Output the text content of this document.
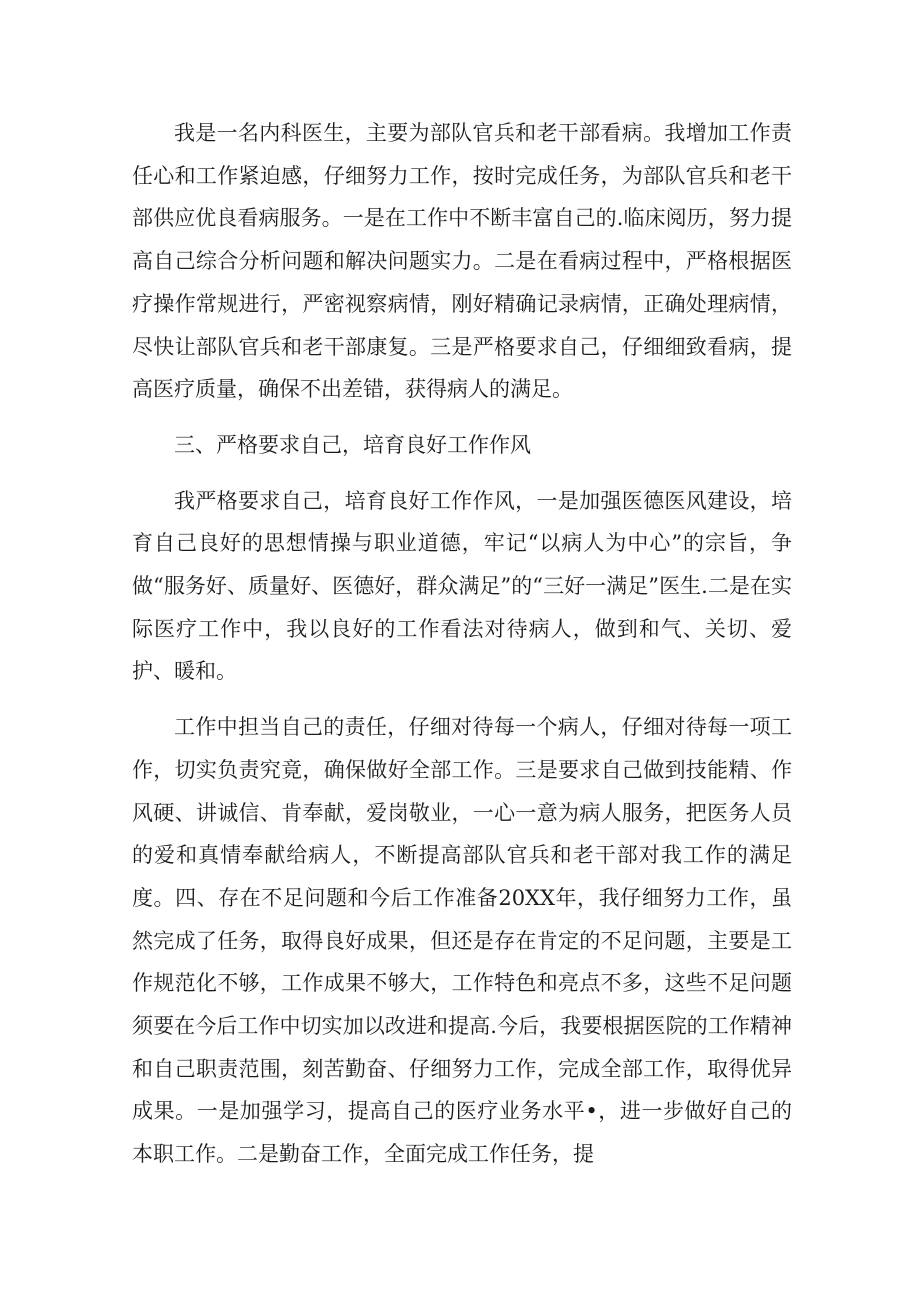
我是一名内科医生，主要为部队官兵和老干部看病。我增加工作责任心和工作紧迫感，仔细努力工作，按时完成任务，为部队官兵和老干部供应优良看病服务。一是在工作中不断丰富自己的.临床阅历，努力提高自己综合分析问题和解决问题实力。二是在看病过程中，严格根据医疗操作常规进行，严密视察病情，刚好精确记录病情，正确处理病情，尽快让部队官兵和老干部康复。三是严格要求自己，仔细细致看病，提高医疗质量，确保不出差错，获得病人的满足。

三、严格要求自己，培育良好工作作风

我严格要求自己，培育良好工作作风，一是加强医德医风建设，培育自己良好的思想情操与职业道德，牢记“以病人为中心”的宗旨，争做“服务好、质量好、医德好，群众满足”的“三好一满足”医生.二是在实际医疗工作中，我以良好的工作看法对待病人，做到和气、关切、爱护、暖和。

工作中担当自己的责任，仔细对待每一个病人，仔细对待每一项工作，切实负责究竟，确保做好全部工作。三是要求自己做到技能精、作风硬、讲诚信、肯奉献，爱岗敬业，一心一意为病人服务，把医务人员的爱和真情奉献给病人，不断提高部队官兵和老干部对我工作的满足度。四、存在不足问题和今后工作准备20XX年，我仔细努力工作，虽然完成了任务，取得良好成果，但还是存在肯定的不足问题，主要是工作规范化不够，工作成果不够大，工作特色和亮点不多，这些不足问题须要在今后工作中切实加以改进和提高.今后，我要根据医院的工作精神和自己职责范围，刻苦勤奋、仔细努力工作，完成全部工作，取得优异成果。一是加强学习，提高自己的医疗业务水平•，进一步做好自己的本职工作。二是勤奋工作，全面完成工作任务，提
